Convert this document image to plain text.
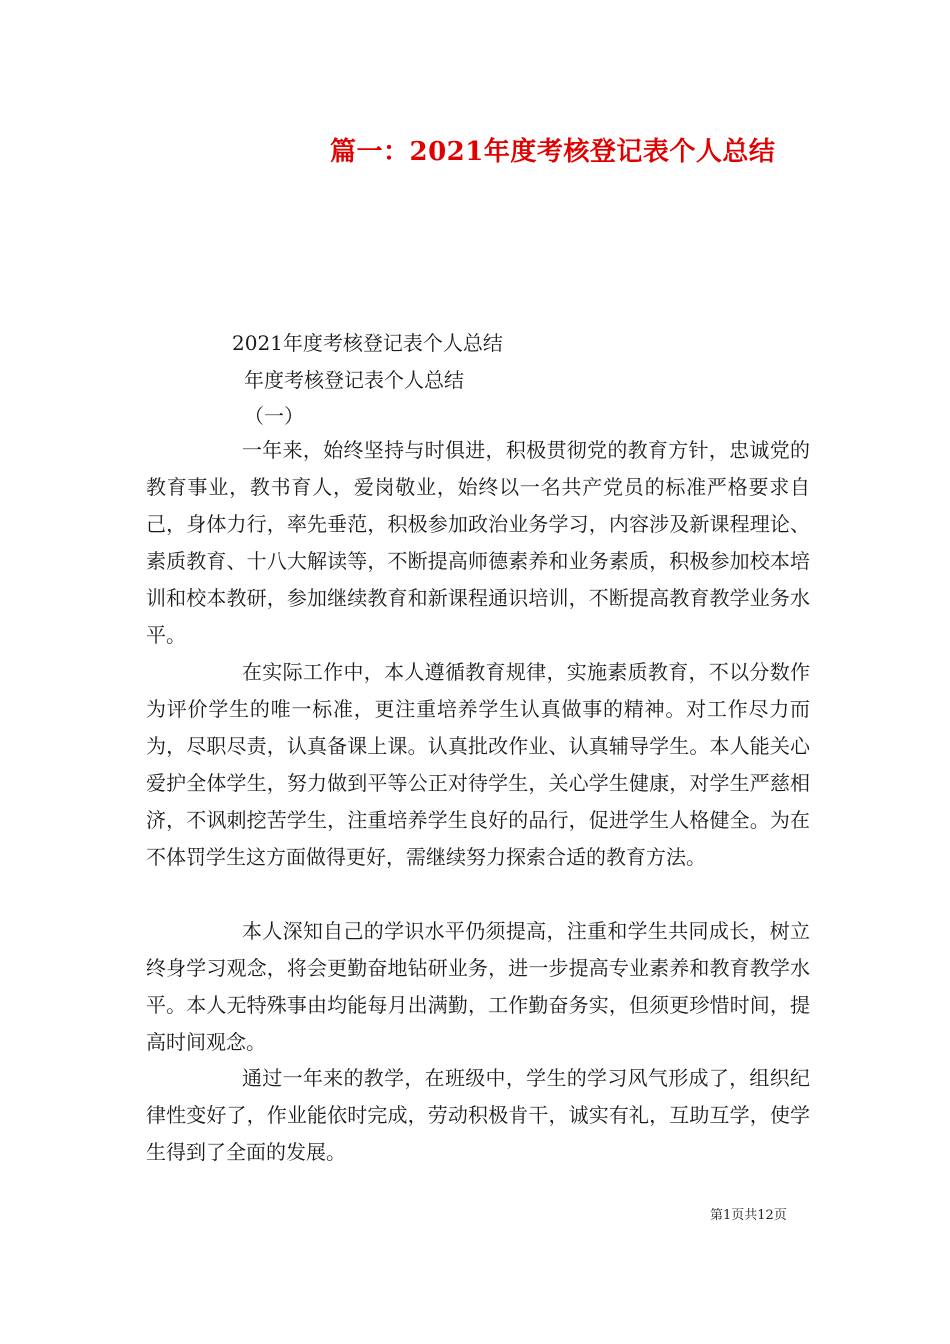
篇一：2021年度考核登记表个人总结
2021年度考核登记表个人总结
年度考核登记表个人总结
（一）

一年来，始终坚持与时俱进，积极贯彻党的教育方针，忠诚党的教育事业，教书育人，爱岗敬业，始终以一名共产党员的标准严格要求自己，身体力行，率先垂范，积极参加政治业务学习，内容涉及新课程理论、素质教育、十八大解读等，不断提高师德素养和业务素质，积极参加校本培训和校本教研，参加继续教育和新课程通识培训，不断提高教育教学业务水平。

在实际工作中，本人遵循教育规律，实施素质教育，不以分数作为评价学生的唯一标准，更注重培养学生认真做事的精神。对工作尽力而为，尽职尽责，认真备课上课。认真批改作业、认真辅导学生。本人能关心爱护全体学生，努力做到平等公正对待学生，关心学生健康，对学生严慈相济，不讽刺挖苦学生，注重培养学生良好的品行，促进学生人格健全。为在不体罚学生这方面做得更好，需继续努力探索合适的教育方法。

本人深知自己的学识水平仍须提高，注重和学生共同成长，树立终身学习观念，将会更勤奋地钻研业务，进一步提高专业素养和教育教学水平。本人无特殊事由均能每月出满勤，工作勤奋务实，但须更珍惜时间，提高时间观念。

通过一年来的教学，在班级中，学生的学习风气形成了，组织纪律性变好了，作业能依时完成，劳动积极肯干，诚实有礼，互助互学，使学生得到了全面的发展。

第1页共12页
